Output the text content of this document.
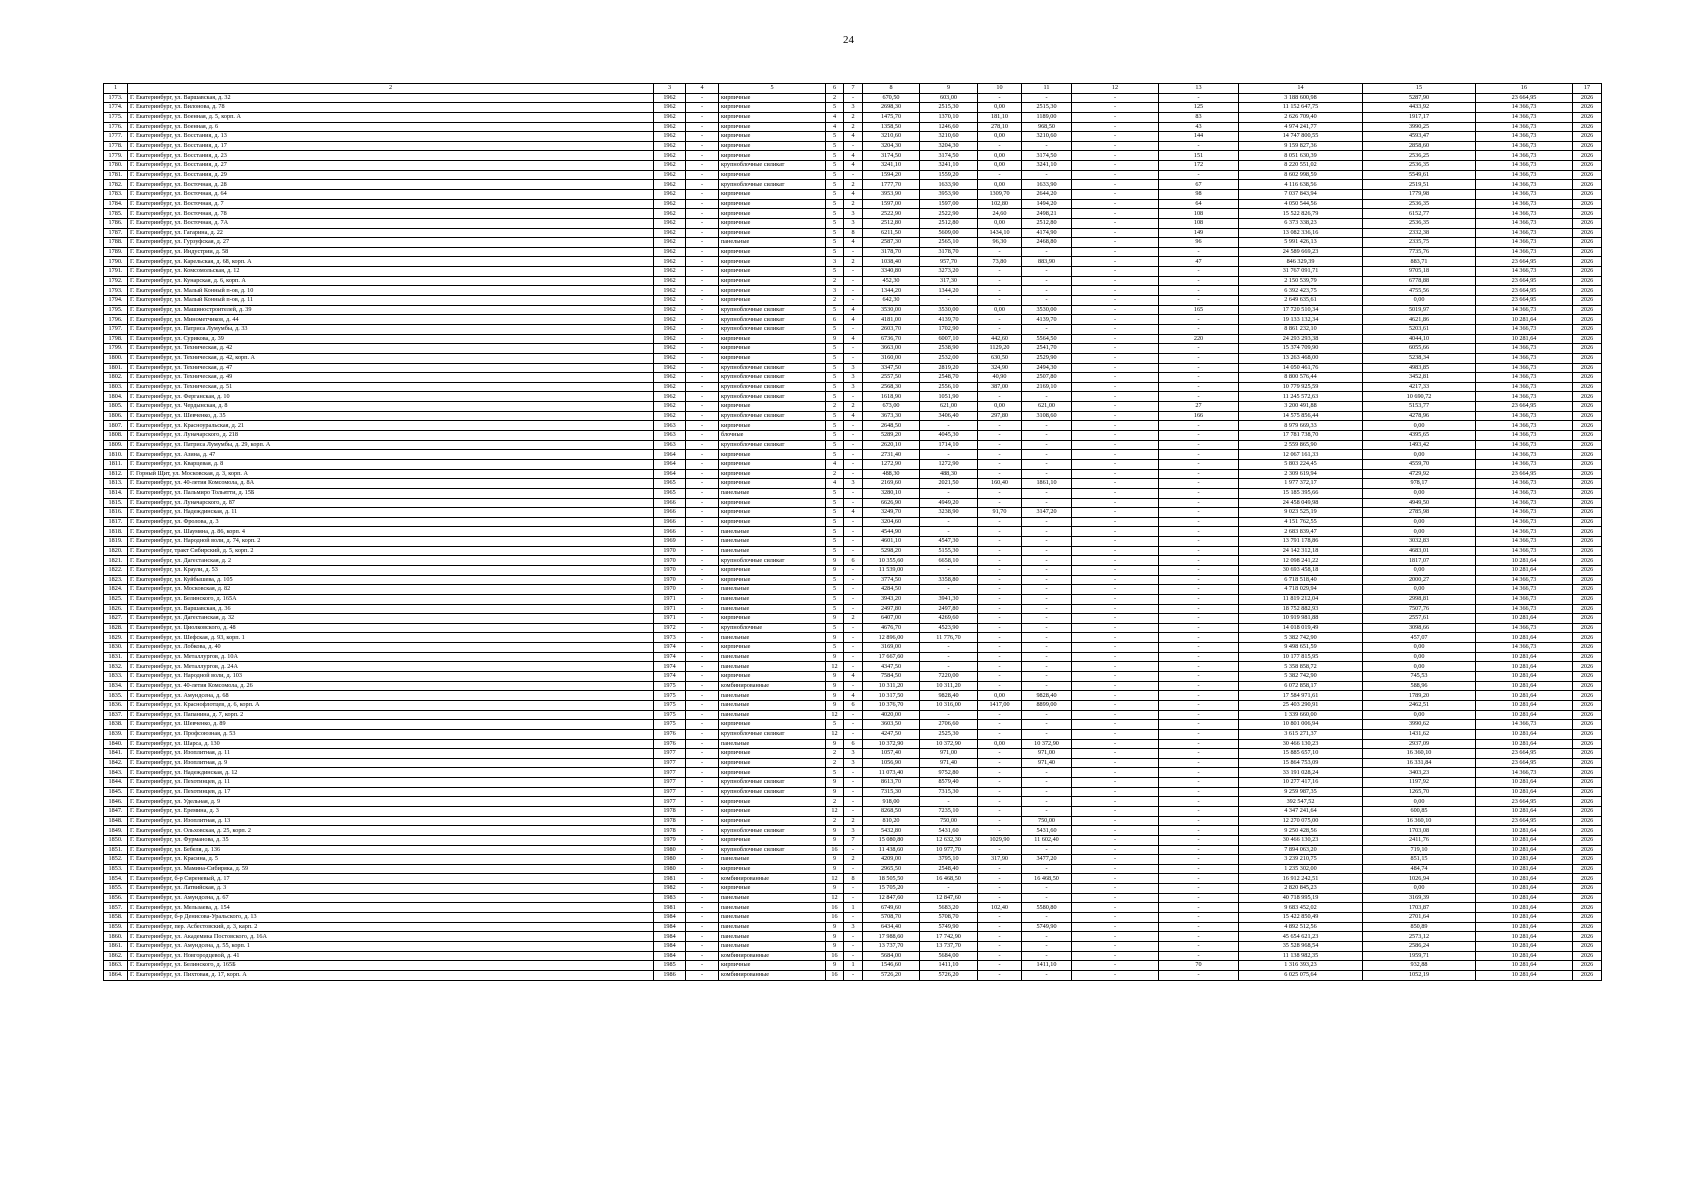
24
1	2	3	4	5	6	7	8	9	10	11	12	13	14	15	16	17
1773.	Г. Екатеринбург, ул. Варшавская, д. 32	1962	-	кирпичные	2	-	670,50	603,00	-	-	-	-	3 188 600,98	5287,90	23 664,95	2026
1774.	Г. Екатеринбург, ул. Вилонова, д. 78	1962	-	кирпичные	5	3	2698,30	2515,30	0,00	2515,30	-	125	11 152 647,75	4433,92	14 366,73	2026
1775.	Г. Екатеринбург, ул. Военная, д. 5, корп. А	1962	-	кирпичные	4	2	1475,70	1370,10	181,10	1189,00	-	83	2 626 709,40	1917,17	14 366,73	2026
1776.	Г. Екатеринбург, ул. Военная, д. 6	1962	-	кирпичные	4	2	1358,50	1246,60	278,10	968,50	-	43	4 974 241,77	3990,25	14 366,73	2026
1777.	Г. Екатеринбург, ул. Восстания, д. 13	1962	-	кирпичные	5	4	3210,60	3210,60	0,00	3210,60	-	144	14 747 800,55	4593,47	14 366,73	2026
1778.	Г. Екатеринбург, ул. Восстания, д. 17	1962	-	кирпичные	5	-	3204,30	3204,30	-	-	-	-	9 159 827,36	2858,60	14 366,73	2026
1779.	Г. Екатеринбург, ул. Восстания, д. 23	1962	-	кирпичные	5	4	3174,50	3174,50	0,00	3174,50	-	151	8 051 630,39	2536,25	14 366,73	2026
1780.	Г. Екатеринбург, ул. Восстания, д. 27	1962	-	крупноблочные силикат	5	4	3241,10	3241,10	0,00	3241,10	-	172	8 220 551,02	2536,35	14 366,73	2026
1781.	Г. Екатеринбург, ул. Восстания, д. 29	1962	-	кирпичные	5	-	1594,20	1559,20	-	-	-	-	8 602 998,59	5549,61	14 366,73	2026
1782.	Г. Екатеринбург, ул. Восточная, д. 28	1962	-	крупноблочные силикат	5	2	1777,70	1633,90	0,00	1633,90	-	67	4 116 638,56	2519,51	14 366,73	2026
1783.	Г. Екатеринбург, ул. Восточная, д. 64	1962	-	кирпичные	5	4	3953,90	3953,90	1309,70	2644,20	-	98	7 037 843,94	1779,98	14 366,73	2026
1784.	Г. Екатеринбург, ул. Восточная, д. 7	1962	-	кирпичные	5	2	1597,00	1597,00	102,80	1494,20	-	64	4 050 544,56	2536,35	14 366,73	2026
1785.	Г. Екатеринбург, ул. Восточная, д. 78	1962	-	кирпичные	5	3	2522,90	2522,90	24,60	2498,21	-	108	15 522 826,79	6152,77	14 366,73	2026
1786.	Г. Екатеринбург, ул. Восточная, д. 7А	1962	-	кирпичные	5	3	2512,80	2512,80	0,00	2512,80	-	108	6 373 338,23	2536,35	14 366,73	2026
1787.	Г. Екатеринбург, ул. Гагарина, д. 22	1962	-	кирпичные	5	8	6211,50	5609,00	1434,10	4174,90	-	149	13 082 336,16	2332,38	14 366,73	2026
1788.	Г. Екатеринбург, ул. Гурзуфская, д. 27	1962	-	панельные	5	4	2587,30	2565,10	96,30	2468,80	-	96	5 991 426,13	2335,75	14 366,73	2026
1789.	Г. Екатеринбург, ул. Индустрии, д. 58	1962	-	кирпичные	5	-	3178,70	3178,70	-	-	-	-	24 589 669,23	7735,76	14 366,73	2026
1790.	Г. Екатеринбург, ул. Карельская, д. 68, корп. А	1962	-	кирпичные	3	2	1038,40	957,70	73,80	883,90	-	47	846 329,39	883,71	23 664,95	2026
1791.	Г. Екатеринбург, ул. Комсомольская, д. 12	1962	-	кирпичные	5	-	3340,80	3273,20	-	-	-	-	31 767 091,71	9705,18	14 366,73	2026
1792.	Г. Екатеринбург, ул. Кунарская, д. 6, корп. А	1962	-	кирпичные	2	-	452,30	317,30	-	-	-	-	2 150 539,79	6778,88	23 664,95	2026
1793.	Г. Екатеринбург, ул. Малый Конный п-ов, д. 10	1962	-	кирпичные	3	-	1344,20	1344,20	-	-	-	-	6 392 423,75	4755,56	23 664,95	2026
1794.	Г. Екатеринбург, ул. Малый Конный п-ов, д. 11	1962	-	кирпичные	2	-	642,30	-	-	-	-	-	2 649 635,61	0,00	23 664,95	2026
1795.	Г. Екатеринбург, ул. Машиностроителей, д. 39	1962	-	крупноблочные силикат	5	4	3530,00	3530,00	0,00	3530,00	-	165	17 720 510,34	5019,97	14 366,73	2026
1796.	Г. Екатеринбург, ул. Минометчиков, д. 44	1962	-	крупноблочные силикат	6	4	4181,00	4139,70	-	4139,70	-	-	19 133 132,34	4621,86	10 281,64	2026
1797.	Г. Екатеринбург, ул. Патриса Лумумбы, д. 33	1962	-	крупноблочные силикат	5	-	2603,70	1702,90	-	-	-	-	8 861 232,10	5203,61	14 366,73	2026
1798.	Г. Екатеринбург, ул. Сурикова, д. 39	1962	-	кирпичные	9	4	6736,70	6007,10	442,60	5564,50	-	220	24 293 293,38	4044,10	10 281,64	2026
1799.	Г. Екатеринбург, ул. Техническая, д. 42	1962	-	кирпичные	5	-	3663,00	2538,90	1129,20	2541,70	-	-	15 374 709,90	6055,66	14 366,73	2026
1800.	Г. Екатеринбург, ул. Техническая, д. 42, корп. А	1962	-	кирпичные	5	-	3160,00	2532,00	630,50	2529,90	-	-	13 263 468,00	5238,34	14 366,73	2026
1801.	Г. Екатеринбург, ул. Техническая, д. 47	1962	-	крупноблочные силикат	5	3	3347,50	2819,20	324,90	2494,30	-	-	14 050 461,76	4983,85	14 366,73	2026
1802.	Г. Екатеринбург, ул. Техническая, д. 49	1962	-	крупноблочные силикат	5	3	2557,50	2548,70	40,90	2507,80	-	-	8 800 576,44	3452,81	14 366,73	2026
1803.	Г. Екатеринбург, ул. Техническая, д. 51	1962	-	крупноблочные силикат	5	3	2568,30	2556,10	387,00	2169,10	-	-	10 779 925,59	4217,33	14 366,73	2026
1804.	Г. Екатеринбург, ул. Ферганская, д. 10	1962	-	крупноблочные силикат	5	-	1618,90	1051,90	-	-	-	-	11 245 572,63	10 690,72	14 366,73	2026
1805.	Г. Екатеринбург, ул. Чердынская, д. 8	1962	-	кирпичные	2	2	673,00	621,00	0,00	621,00	-	27	3 200 491,88	5153,77	23 664,95	2026
1806.	Г. Екатеринбург, ул. Шевченко, д. 35	1962	-	крупноблочные силикат	5	4	3673,30	3406,40	297,80	3108,60	-	166	14 575 856,44	4278,96	14 366,73	2026
1807.	Г. Екатеринбург, ул. Красноуральская, д. 21	1963	-	кирпичные	5	-	2648,50	-	-	-	-	-	8 979 669,33	0,00	14 366,73	2026
1808.	Г. Екатеринбург, ул. Луначарского, д. 218	1963	-	блочные	5	-	5289,20	4045,30	-	-	-	-	17 781 738,70	4395,65	14 366,73	2026
1809.	Г. Екатеринбург, ул. Патриса Лумумбы, д. 29, корп. А	1963	-	крупноблочные силикат	5	-	2620,10	1714,10	-	-	-	-	2 559 865,90	1493,42	14 366,73	2026
1810.	Г. Екатеринбург, ул. Азина, д. 47	1964	-	кирпичные	5	-	2731,40	-	-	-	-	-	12 067 161,33	0,00	14 366,73	2026
1811.	Г. Екатеринбург, ул. Кварцевая, д. 8	1964	-	кирпичные	4	-	1272,90	1272,90	-	-	-	-	5 803 224,45	4559,70	14 366,73	2026
1812.	Г. Горный Щит, ул. Московская, д. 3, корп. А	1964	-	кирпичные	2	-	488,30	488,30	-	-	-	-	2 309 619,94	4729,92	23 664,95	2026
1813.	Г. Екатеринбург, ул. 40-летия Комсомола, д. 8А	1965	-	кирпичные	4	3	2169,60	2021,50	160,40	1861,10	-	-	1 977 372,17	978,17	14 366,73	2026
1814.	Г. Екатеринбург, ул. Пальмиро Тольятти, д. 15Б	1965	-	панельные	5	-	3280,10	-	-	-	-	-	15 185 395,66	0,00	14 366,73	2026
1815.	Г. Екатеринбург, ул. Луначарского, д. 87	1966	-	кирпичные	5	-	6626,90	4949,20	-	-	-	-	24 458 049,98	4949,50	14 366,73	2026
1816.	Г. Екатеринбург, ул. Надеждинская, д. 11	1966	-	кирпичные	5	4	3249,70	3238,90	91,70	3147,20	-	-	9 023 525,19	2785,98	14 366,73	2026
1817.	Г. Екатеринбург, ул. Фролова, д. 3	1966	-	кирпичные	5	-	3204,60	-	-	-	-	-	4 151 762,55	0,00	14 366,73	2026
1818.	Г. Екатеринбург, ул. Шаумяна, д. 86, корп. 4	1966	-	панельные	5	-	4544,90	-	-	-	-	-	2 683 839,47	0,00	14 366,73	2026
1819.	Г. Екатеринбург, ул. Народной воли, д. 74, корп. 2	1969	-	панельные	5	-	4601,10	4547,30	-	-	-	-	13 791 178,86	3032,83	14 366,73	2026
1820.	Г. Екатеринбург, тракт Сибирский, д. 5, корп. 2	1970	-	панельные	5	-	5298,20	5155,30	-	-	-	-	24 142 312,18	4683,01	14 366,73	2026
1821.	Г. Екатеринбург, ул. Дагестанская, д. 2	1970	-	крупноблочные силикат	9	6	10 355,60	6658,10	-	-	-	-	12 098 241,22	1817,07	10 281,64	2026
1822.	Г. Екатеринбург, ул. Краули, д. 53	1970	-	кирпичные	9	-	11 539,00	-	-	-	-	-	30 693 458,18	0,00	10 281,64	2026
1823.	Г. Екатеринбург, ул. Куйбышева, д. 105	1970	-	кирпичные	5	-	3774,50	3358,80	-	-	-	-	6 718 518,40	2000,27	14 366,73	2026
1824.	Г. Екатеринбург, ул. Московская, д. 82	1970	-	панельные	5	-	4284,50	-	-	-	-	-	4 718 029,94	0,00	14 366,73	2026
1825.	Г. Екатеринбург, ул. Белинского, д. 165А	1971	-	панельные	5	-	3943,20	3941,30	-	-	-	-	11 819 212,04	2998,81	14 366,73	2026
1826.	Г. Екатеринбург, ул. Варшавская, д. 36	1971	-	панельные	5	-	2497,80	2497,80	-	-	-	-	18 752 882,93	7507,76	14 366,73	2026
1827.	Г. Екатеринбург, ул. Дагестанская, д. 32	1971	-	кирпичные	9	2	6407,00	4269,60	-	-	-	-	10 919 981,88	2557,61	10 281,64	2026
1828.	Г. Екатеринбург, ул. Циолковского, д. 48	1972	-	крупноблочные	5	-	4676,70	4523,90	-	-	-	-	14 018 019,49	3098,66	14 366,73	2026
1829.	Г. Екатеринбург, ул. Шефская, д. 93, корп. 1	1973	-	панельные	9	-	12 896,00	11 776,70	-	-	-	-	5 382 742,90	457,07	10 281,64	2026
1830.	Г. Екатеринбург, ул. Лобкова, д. 40	1974	-	кирпичные	5	-	3169,00	-	-	-	-	-	9 498 651,59	0,00	14 366,73	2026
1831.	Г. Екатеринбург, ул. Металлургов, д. 10А	1974	-	панельные	9	-	17 667,60	-	-	-	-	-	10 177 815,95	0,00	10 281,64	2026
1832.	Г. Екатеринбург, ул. Металлургов, д. 24А	1974	-	панельные	12	-	4347,50	-	-	-	-	-	5 358 858,72	0,00	10 281,64	2026
1833.	Г. Екатеринбург, ул. Народной воли, д. 103	1974	-	кирпичные	9	4	7584,50	7220,00	-	-	-	-	5 382 742,90	745,53	10 281,64	2026
1834.	Г. Екатеринбург, ул. 40-летия Комсомола, д. 26	1975	-	комбинированные	9	-	10 311,20	10 311,20	-	-	-	-	6 072 858,17	588,96	10 281,64	2026
1835.	Г. Екатеринбург, ул. Амундсена, д. 68	1975	-	панельные	9	4	10 317,50	9828,40	0,00	9828,40	-	-	17 584 971,61	1789,20	10 281,64	2026
1836.	Г. Екатеринбург, ул. Краснофлотцев, д. 6, корп. А	1975	-	панельные	9	6	10 376,70	10 316,00	1417,00	8899,00	-	-	25 403 290,91	2462,51	10 281,64	2026
1837.	Г. Екатеринбург, ул. Папанина, д. 7, корп. 2	1975	-	панельные	12	-	4020,00	-	-	-	-	-	1 339 660,00	0,00	10 281,64	2026
1838.	Г. Екатеринбург, ул. Шевченко, д. 89	1975	-	кирпичные	5	-	3603,50	2706,60	-	-	-	-	10 801 006,94	3990,62	14 366,73	2026
1839.	Г. Екатеринбург, ул. Профсоюзная, д. 53	1976	-	крупноблочные силикат	12	-	4247,50	2525,30	-	-	-	-	3 615 271,37	1431,62	10 281,64	2026
1840.	Г. Екатеринбург, ул. Шарса, д. 130	1976	-	панельные	9	6	10 372,90	10 372,90	0,00	10 372,90	-	-	30 466 130,23	2937,09	10 281,64	2026
1841.	Г. Екатеринбург, ул. Изоплитная, д. 11	1977	-	кирпичные	2	3	1057,40	971,00	-	971,00	-	-	15 885 657,10	16 360,10	23 664,95	2026
1842.	Г. Екатеринбург, ул. Изоплитная, д. 9	1977	-	кирпичные	2	3	1056,90	971,40	-	971,40	-	-	15 864 753,09	16 331,84	23 664,95	2026
1843.	Г. Екатеринбург, ул. Надеждинская, д. 12	1977	-	кирпичные	5	-	11 073,40	9752,80	-	-	-	-	33 191 028,24	3403,23	14 366,73	2026
1844.	Г. Екатеринбург, ул. Пехотинцев, д. 11	1977	-	крупноблочные силикат	9	-	8613,70	8579,40	-	-	-	-	10 277 417,16	1197,92	10 281,64	2026
1845.	Г. Екатеринбург, ул. Пехотинцев, д. 17	1977	-	крупноблочные силикат	9	-	7315,30	7315,30	-	-	-	-	9 259 987,35	1265,70	10 281,64	2026
1846.	Г. Екатеринбург, ул. Удельная, д. 9	1977	-	кирпичные	2	-	918,00	-	-	-	-	-	392 547,52	0,00	23 664,95	2026
1847.	Г. Екатеринбург, ул. Еремина, д. 3	1978	-	кирпичные	12	-	8268,50	7235,10	-	-	-	-	4 347 241,64	600,85	10 281,64	2026
1848.	Г. Екатеринбург, ул. Изоплитная, д. 13	1978	-	кирпичные	2	2	810,20	750,00	-	750,00	-	-	12 270 075,00	16 360,10	23 664,95	2026
1849.	Г. Екатеринбург, ул. Ольховская, д. 25, корп. 2	1978	-	крупноблочные силикат	9	3	5432,80	5431,60	-	5431,60	-	-	9 250 428,56	1703,08	10 281,64	2026
1850.	Г. Екатеринбург, ул. Фурманова, д. 35	1979	-	кирпичные	9	7	15 080,80	12 632,30	1029,90	11 602,40	-	-	30 466 130,23	2411,76	10 281,64	2026
1851.	Г. Екатеринбург, ул. Бебеля, д. 136	1980	-	крупноблочные силикат	16	-	11 438,60	10 977,70	-	-	-	-	7 894 063,20	719,10	10 281,64	2026
1852.	Г. Екатеринбург, ул. Красина, д. 5	1980	-	панельные	9	2	4209,00	3795,10	317,90	3477,20	-	-	3 239 210,75	851,15	10 281,64	2026
1853.	Г. Екатеринбург, ул. Мамина-Сибиряка, д. 59	1980	-	кирпичные	9	-	2965,50	2548,40	-	-	-	-	1 235 302,00	484,74	10 281,64	2026
1854.	Г. Екатеринбург, б-р Сиреневый, д. 17	1981	-	комбинированные	12	8	18 505,50	16 468,50	-	16 468,50	-	-	16 912 242,51	1026,94	10 281,64	2026
1855.	Г. Екатеринбург, ул. Латвийская, д. 3	1982	-	кирпичные	9	-	15 705,20	-	-	-	-	-	2 820 845,23	0,00	10 281,64	2026
1856.	Г. Екатеринбург, ул. Амундсена, д. 67	1983	-	панельные	12	-	12 847,60	12 847,60	-	-	-	-	40 718 995,19	3169,39	10 281,64	2026
1857.	Г. Екатеринбург, ул. Мельзаева, д. 154	1981	-	панельные	16	1	6749,60	5683,20	102,40	5580,80	-	-	9 683 452,02	1703,87	10 281,64	2026
1858.	Г. Екатеринбург, б-р Денисова-Уральского, д. 13	1984	-	панельные	16	-	5708,70	5708,70	-	-	-	-	15 422 850,49	2701,64	10 281,64	2026
1859.	Г. Екатеринбург, пер. Асбестовский, д. 3, карп. 2	1984	-	панельные	9	3	6434,40	5749,90	-	5749,90	-	-	4 892 512,56	850,89	10 281,64	2026
1860.	Г. Екатеринбург, ул. Академика Постовского, д. 16А	1984	-	панельные	9	-	17 988,60	17 742,90	-	-	-	-	45 654 621,23	2573,12	10 281,64	2026
1861.	Г. Екатеринбург, ул. Амундсена, д. 55, корп. 1	1984	-	панельные	9	-	13 737,70	13 737,70	-	-	-	-	35 528 968,54	2586,24	10 281,64	2026
1862.	Г. Екатеринбург, ул. Новгородцевой, д. 41	1984	-	комбинированные	16	-	5684,00	5684,00	-	-	-	-	11 138 982,35	1959,71	10 281,64	2026
1863.	Г. Екатеринбург, ул. Белинского, д. 165Б	1985	-	кирпичные	9	1	1546,60	1411,10	-	1411,10	-	70	1 316 393,23	932,88	10 281,64	2026
1864.	Г. Екатеринбург, ул. Пихтовая, д. 17, корп. А	1986	-	комбинированные	16	-	5726,20	5726,20	-	-	-	-	6 025 075,64	1052,19	10 281,64	2026
